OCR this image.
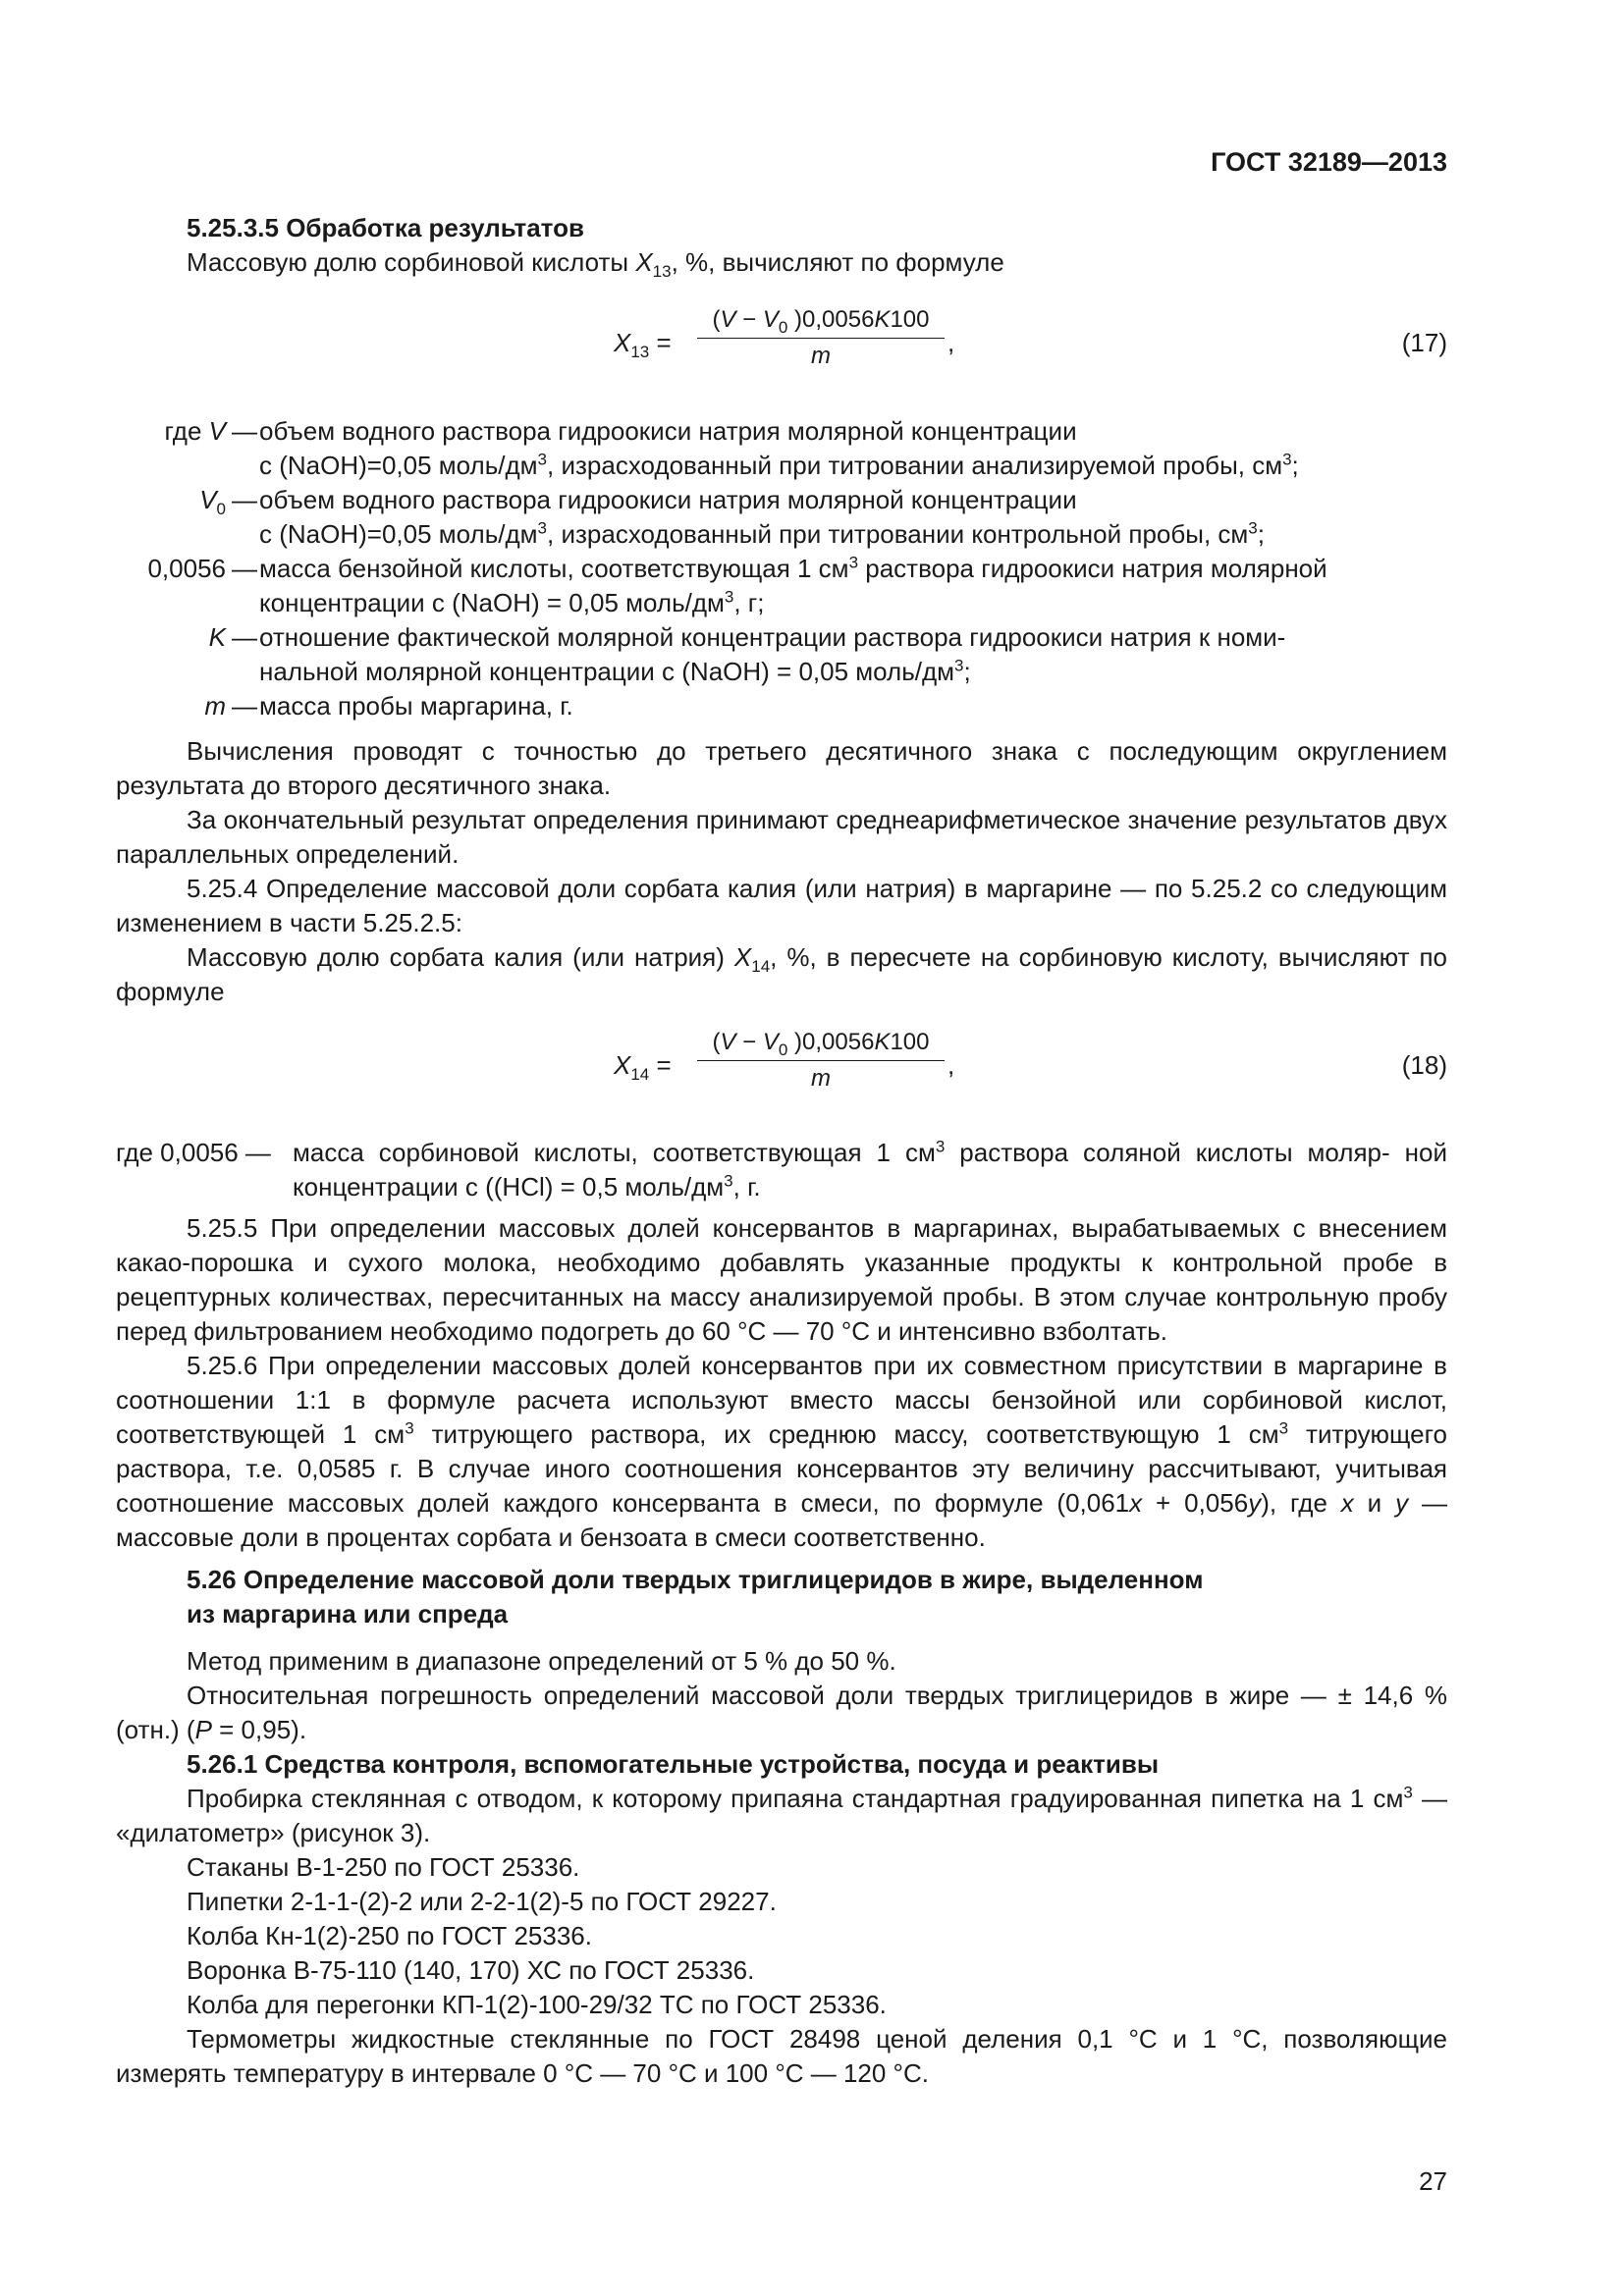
ГОСТ 32189—2013
5.25.3.5 Обработка результатов
Массовую долю сорбиновой кислоты $X_{13}$, %, вычисляют по формуле
$X_{13} = \frac{(V - V_0 )0,0056K100}{m}$ ,	(17)
где V — объем водного раствора гидроокиси натрия молярной концентрации
с (NaOH)=0,05 моль/$дм^3$, израсходованный при титровании анализируемой пробы, $см^3$;
$V_0$ — объем водного раствора гидроокиси натрия молярной концентрации
с (NaOH)=0,05 моль/$дм^3$, израсходованный при титровании контрольной пробы, $см^3$;
0,0056 — масса бензойной кислоты, соответствующая 1 $см^3$ раствора гидроокиси натрия молярной
концентрации с (NaOH) = 0,05 моль/$дм^3$, г;
K — отношение фактической молярной концентрации раствора гидроокиси натрия к номи-
нальной молярной концентрации с (NaOH) = 0,05 моль/$дм^3$;
m — масса пробы маргарина, г.
Вычисления проводят с точностью до третьего десятичного знака с последующим округлением результата до второго десятичного знака.
За окончательный результат определения принимают среднеарифметическое значение результатов двух параллельных определений.
5.25.4 Определение массовой доли сорбата калия (или натрия) в маргарине — по 5.25.2 со следующим изменением в части 5.25.2.5:
Массовую долю сорбата калия (или натрия) $X_{14}$, %, в пересчете на сорбиновую кислоту, вычисляют по формуле
$X_{14} = \frac{(V - V_0 )0,0056K100}{m}$ ,	(18)
где 0,0056 — масса сорбиновой кислоты, соответствующая 1 $см^3$ раствора соляной кислоты моляр- ной концентрации с ((HCl) = 0,5 моль/$дм^3$, г.
5.25.5 При определении массовых долей консервантов в маргаринах, вырабатываемых с внесением какао-порошка и сухого молока, необходимо добавлять указанные продукты к контрольной пробе в рецептурных количествах, пересчитанных на массу анализируемой пробы. В этом случае контрольную пробу перед фильтрованием необходимо подогреть до 60 °С — 70 °С и интенсивно взболтать.
5.25.6 При определении массовых долей консервантов при их совместном присутствии в маргарине в соотношении 1:1 в формуле расчета используют вместо массы бензойной или сорбиновой кислот, соответствующей 1 $см^3$ титрующего раствора, их среднюю массу, соответствующую 1 $см^3$ титрующего раствора, т.е. 0,0585 г. В случае иного соотношения консервантов эту величину рассчитывают, учитывая соотношение массовых долей каждого консерванта в смеси, по формуле (0,061x + 0,056y), где x и y — массовые доли в процентах сорбата и бензоата в смеси соответственно.
5.26 Определение массовой доли твердых триглицеридов в жире, выделенном
из маргарина или спреда
Метод применим в диапазоне определений от 5 % до 50 %.
Относительная погрешность определений массовой доли твердых триглицеридов в жире — ± 14,6 % (отн.) (P = 0,95).
5.26.1 Средства контроля, вспомогательные устройства, посуда и реактивы
Пробирка стеклянная с отводом, к которому припаяна стандартная градуированная пипетка на 1 $см^3$ — «дилатометр» (рисунок 3).
Стаканы В-1-250 по ГОСТ 25336.
Пипетки 2-1-1-(2)-2 или 2-2-1(2)-5 по ГОСТ 29227.
Колба Кн-1(2)-250 по ГОСТ 25336.
Воронка В-75-110 (140, 170) ХС по ГОСТ 25336.
Колба для перегонки КП-1(2)-100-29/32 ТС по ГОСТ 25336.
Термометры жидкостные стеклянные по ГОСТ 28498 ценой деления 0,1 °С и 1 °С, позволяющие измерять температуру в интервале 0 °С — 70 °С и 100 °С — 120 °С.
27
